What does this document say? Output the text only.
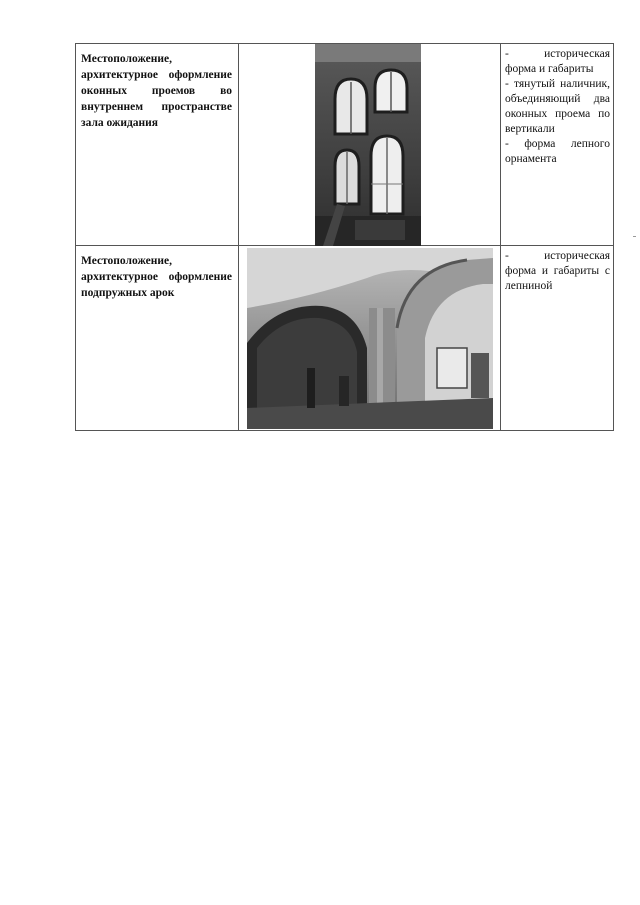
Местоположение, архитектурное оформление оконных проемов во внутреннем пространстве зала ожидания		- историческая форма и габариты
- тянутый наличник, объединяющий два оконных проема по вертикали
- форма лепного орнамента

Местоположение, архитектурное оформление подпружных арок		- историческая форма и габариты с лепниной
